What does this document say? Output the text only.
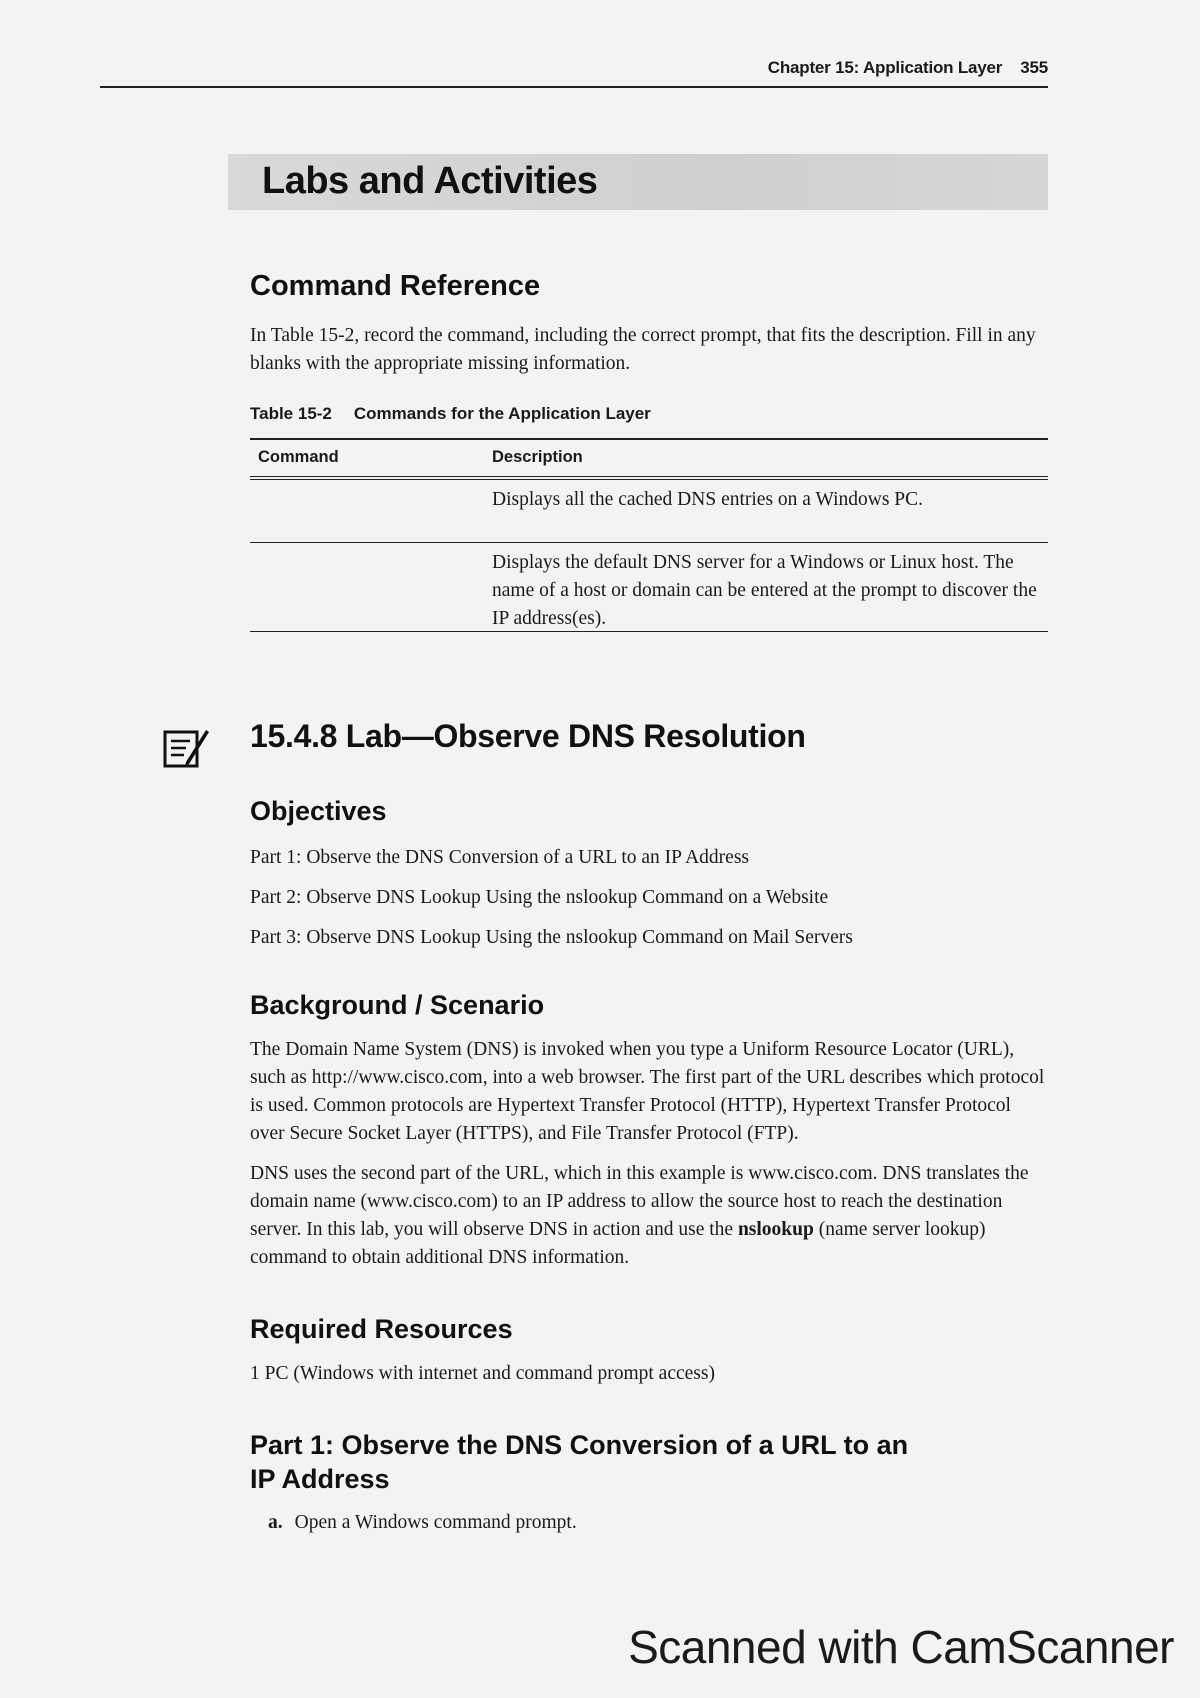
Chapter 15: Application Layer 355
Labs and Activities
Command Reference
In Table 15-2, record the command, including the correct prompt, that fits the description. Fill in any blanks with the appropriate missing information.
Table 15-2 Commands for the Application Layer
Command	Description
Displays all the cached DNS entries on a Windows PC.
Displays the default DNS server for a Windows or Linux host. The name of a host or domain can be entered at the prompt to discover the IP address(es).
15.4.8 Lab—Observe DNS Resolution
Objectives
Part 1: Observe the DNS Conversion of a URL to an IP Address
Part 2: Observe DNS Lookup Using the nslookup Command on a Website
Part 3: Observe DNS Lookup Using the nslookup Command on Mail Servers
Background / Scenario
The Domain Name System (DNS) is invoked when you type a Uniform Resource Locator (URL), such as http://www.cisco.com, into a web browser. The first part of the URL describes which protocol is used. Common protocols are Hypertext Transfer Protocol (HTTP), Hypertext Transfer Protocol over Secure Socket Layer (HTTPS), and File Transfer Protocol (FTP).
DNS uses the second part of the URL, which in this example is www.cisco.com. DNS translates the domain name (www.cisco.com) to an IP address to allow the source host to reach the destination server. In this lab, you will observe DNS in action and use the nslookup (name server lookup) command to obtain additional DNS information.
Required Resources
1 PC (Windows with internet and command prompt access)
Part 1: Observe the DNS Conversion of a URL to an IP Address
a. Open a Windows command prompt.
Scanned with CamScanner
